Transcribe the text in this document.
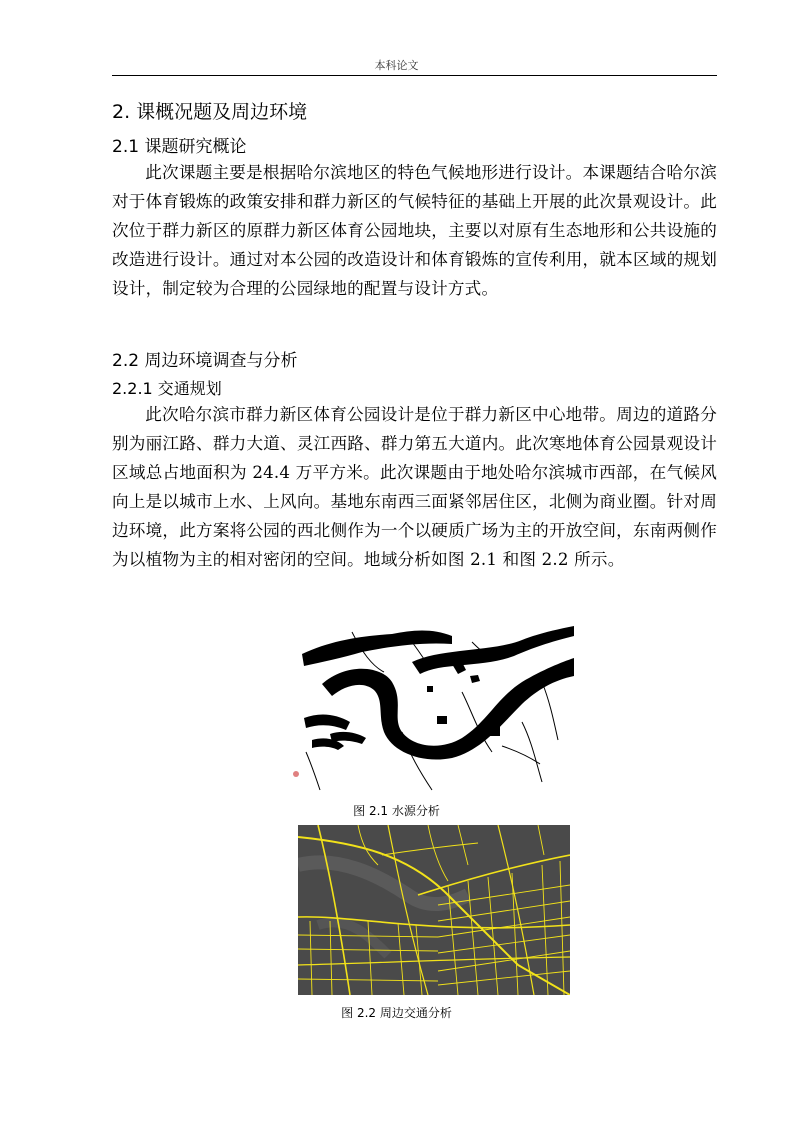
本科论文
2. 课概况题及周边环境
2.1 课题研究概论
此次课题主要是根据哈尔滨地区的特色气候地形进行设计。本课题结合哈尔滨对于体育锻炼的政策安排和群力新区的气候特征的基础上开展的此次景观设计。此次位于群力新区的原群力新区体育公园地块，主要以对原有生态地形和公共设施的改造进行设计。通过对本公园的改造设计和体育锻炼的宣传利用，就本区域的规划设计，制定较为合理的公园绿地的配置与设计方式。
2.2 周边环境调查与分析
2.2.1 交通规划
此次哈尔滨市群力新区体育公园设计是位于群力新区中心地带。周边的道路分别为丽江路、群力大道、灵江西路、群力第五大道内。此次寒地体育公园景观设计区域总占地面积为 24.4 万平方米。此次课题由于地处哈尔滨城市西部，在气候风向上是以城市上水、上风向。基地东南西三面紧邻居住区，北侧为商业圈。针对周边环境，此方案将公园的西北侧作为一个以硬质广场为主的开放空间，东南两侧作为以植物为主的相对密闭的空间。地域分析如图 2.1 和图 2.2 所示。
图 2.1 水源分析
图 2.2 周边交通分析
